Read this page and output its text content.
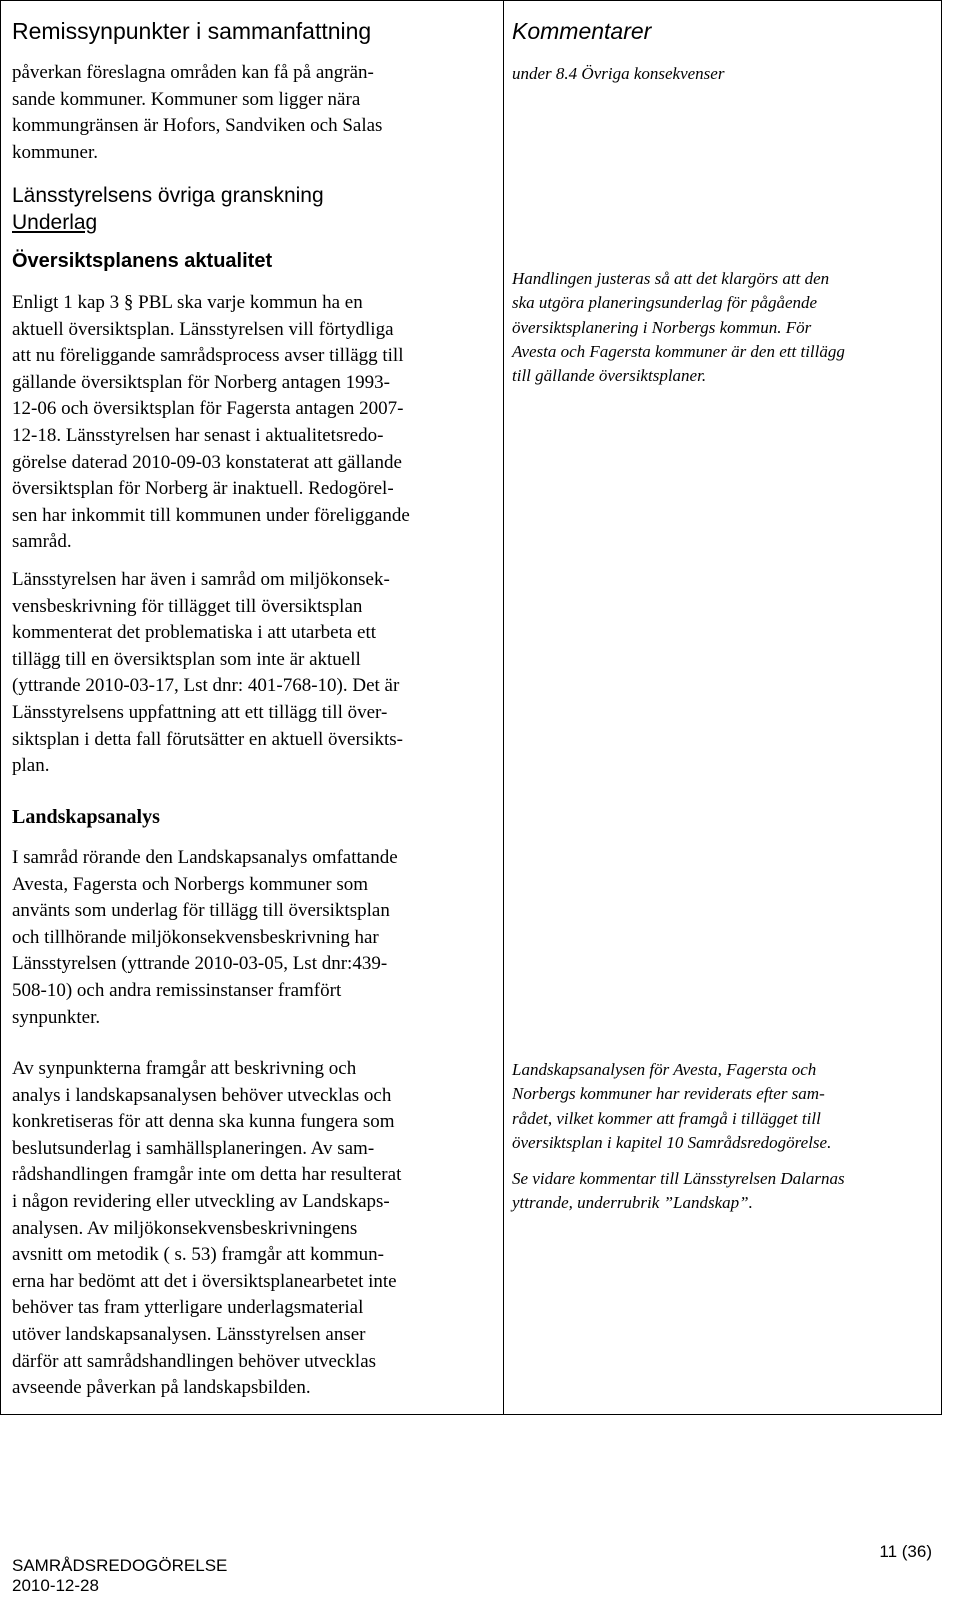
Remissynpunkter i sammanfattning	Kommentarer
påverkan föreslagna områden kan få på angrän-
sande kommuner. Kommuner som ligger nära
kommungränsen är Hofors, Sandviken och Salas
kommuner.
Länsstyrelsens övriga granskning
Underlag
Översiktsplanens aktualitet
Enligt 1 kap 3 § PBL ska varje kommun ha en
aktuell översiktsplan. Länsstyrelsen vill förtydliga
att nu föreliggande samrådsprocess avser tillägg till
gällande översiktsplan för Norberg antagen 1993-
12-06 och översiktsplan för Fagersta antagen 2007-
12-18. Länsstyrelsen har senast i aktualitetsredo-
görelse daterad 2010-09-03 konstaterat att gällande
översiktsplan för Norberg är inaktuell. Redogörel-
sen har inkommit till kommunen under föreliggande
samråd.
Länsstyrelsen har även i samråd om miljökonsek-
vensbeskrivning för tillägget till översiktsplan
kommenterat det problematiska i att utarbeta ett
tillägg till en översiktsplan som inte är aktuell
(yttrande 2010-03-17, Lst dnr: 401-768-10). Det är
Länsstyrelsens uppfattning att ett tillägg till över-
siktsplan i detta fall förutsätter en aktuell översikts-
plan.
Landskapsanalys
I samråd rörande den Landskapsanalys omfattande
Avesta, Fagersta och Norbergs kommuner som
använts som underlag för tillägg till översiktsplan
och tillhörande miljökonsekvensbeskrivning har
Länsstyrelsen (yttrande 2010-03-05, Lst dnr:439-
508-10) och andra remissinstanser framfört
synpunkter.
Av synpunkterna framgår att beskrivning och
analys i landskapsanalysen behöver utvecklas och
konkretiseras för att denna ska kunna fungera som
beslutsunderlag i samhällsplaneringen. Av sam-
rådshandlingen framgår inte om detta har resulterat
i någon revidering eller utveckling av Landskaps-
analysen. Av miljökonsekvensbeskrivningens
avsnitt om metodik ( s. 53) framgår att kommun-
erna har bedömt att det i översiktsplanearbetet inte
behöver tas fram ytterligare underlagsmaterial
utöver landskapsanalysen. Länsstyrelsen anser
därför att samrådshandlingen behöver utvecklas
avseende påverkan på landskapsbilden.
under 8.4 Övriga konsekvenser
Handlingen justeras så att det klargörs att den
ska utgöra planeringsunderlag för pågående
översiktsplanering i Norbergs kommun. För
Avesta och Fagersta kommuner är den ett tillägg
till gällande översiktsplaner.
Landskapsanalysen för Avesta, Fagersta och
Norbergs kommuner har reviderats efter sam-
rådet, vilket kommer att framgå i tillägget till
översiktsplan i kapitel 10 Samrådsredogörelse.
Se vidare kommentar till Länsstyrelsen Dalarnas
yttrande, underrubrik ”Landskap”.
SAMRÅDSREDOGÖRELSE
2010-12-28
11 (36)
